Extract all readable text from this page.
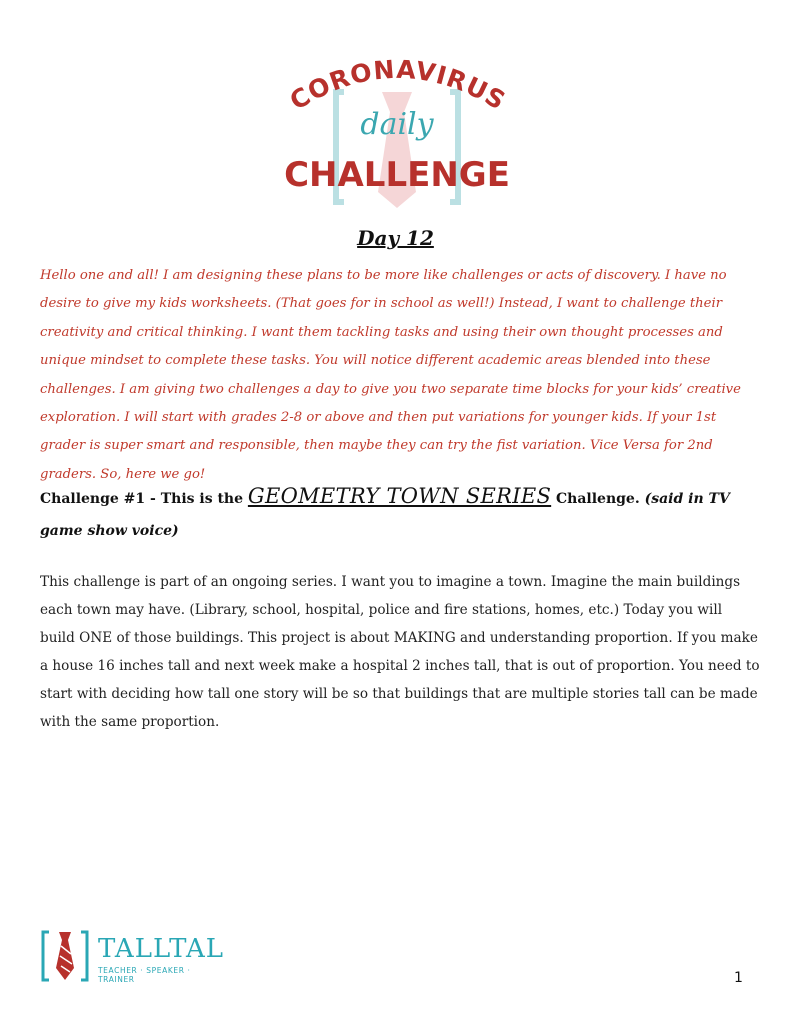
CORONAVIRUS
daily
CHALLENGE
Day 12
Hello one and all! I am designing these plans to be more like challenges or acts of discovery. I have no desire to give my kids worksheets. (That goes for in school as well!) Instead, I want to challenge their creativity and critical thinking. I want them tackling tasks and using their own thought processes and unique mindset to complete these tasks. You will notice different academic areas blended into these challenges. I am giving two challenges a day to give you two separate time blocks for your kids’ creative exploration. I will start with grades 2-8 or above and then put variations for younger kids. If your 1st grader is super smart and responsible, then maybe they can try the fist variation. Vice Versa for 2nd graders. So, here we go!
Challenge #1 - This is the GEOMETRY TOWN SERIES Challenge. (said in TV game show voice)
This challenge is part of an ongoing series. I want you to imagine a town. Imagine the main buildings each town may have. (Library, school, hospital, police and fire stations, homes, etc.) Today you will build ONE of those buildings. This project is about MAKING and understanding proportion. If you make a house 16 inches tall and next week make a hospital 2 inches tall, that is out of proportion. You need to start with deciding how tall one story will be so that buildings that are multiple stories tall can be made with the same proportion.
TALLTAL
TEACHER · SPEAKER · TRAINER	1
